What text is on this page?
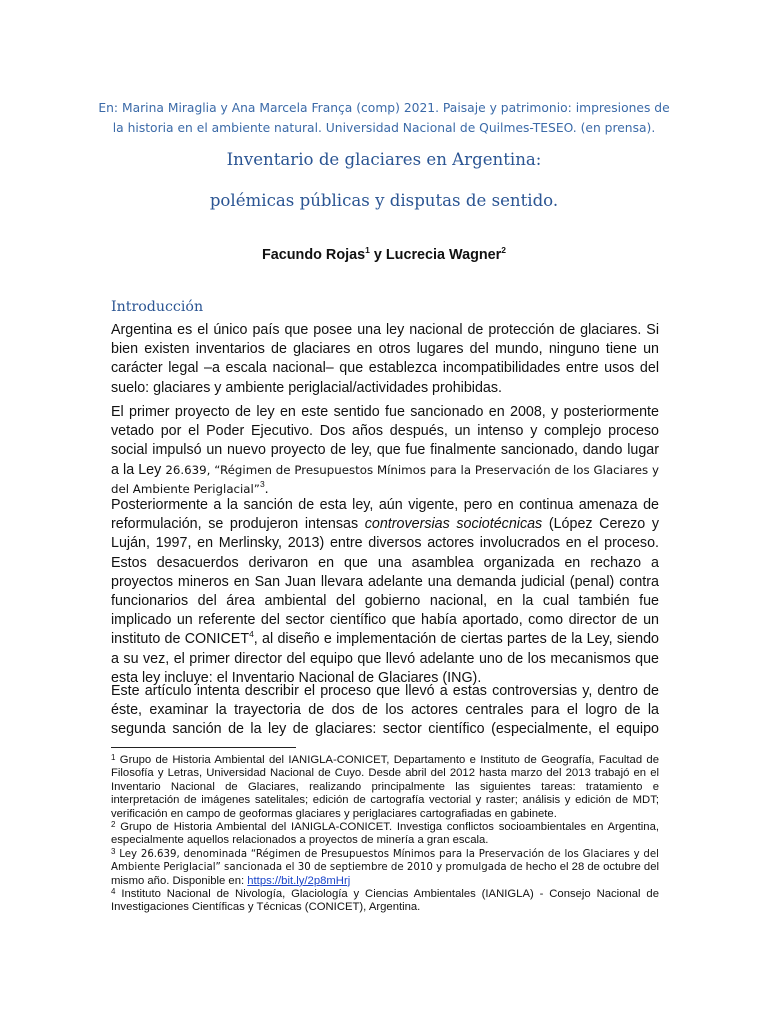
En: Marina Miraglia y Ana Marcela França (comp) 2021. Paisaje y patrimonio: impresiones de la historia en el ambiente natural. Universidad Nacional de Quilmes-TESEO. (en prensa).
Inventario de glaciares en Argentina:
polémicas públicas y disputas de sentido.
Facundo Rojas$^1$ y Lucrecia Wagner$^2$
Introducción

Argentina es el único país que posee una ley nacional de protección de glaciares. Si bien existen inventarios de glaciares en otros lugares del mundo, ninguno tiene un carácter legal –a escala nacional– que establezca incompatibilidades entre usos del suelo: glaciares y ambiente periglacial/actividades prohibidas.

El primer proyecto de ley en este sentido fue sancionado en 2008, y posteriormente vetado por el Poder Ejecutivo. Dos años después, un intenso y complejo proceso social impulsó un nuevo proyecto de ley, que fue finalmente sancionado, dando lugar a la Ley 26.639, “Régimen de Presupuestos Mínimos para la Preservación de los Glaciares y del Ambiente Periglacial”$^3$.

Posteriormente a la sanción de esta ley, aún vigente, pero en continua amenaza de reformulación, se produjeron intensas controversias sociotécnicas (López Cerezo y Luján, 1997, en Merlinsky, 2013) entre diversos actores involucrados en el proceso. Estos desacuerdos derivaron en que una asamblea organizada en rechazo a proyectos mineros en San Juan llevara adelante una demanda judicial (penal) contra funcionarios del área ambiental del gobierno nacional, en la cual también fue implicado un referente del sector científico que había aportado, como director de un instituto de CONICET$^4$, al diseño e implementación de ciertas partes de la Ley, siendo a su vez, el primer director del equipo que llevó adelante uno de los mecanismos que esta ley incluye: el Inventario Nacional de Glaciares (ING).

Este artículo intenta describir el proceso que llevó a estas controversias y, dentro de éste, examinar la trayectoria de dos de los actores centrales para el logro de la segunda sanción de la ley de glaciares: sector científico (especialmente, el equipo

$^1$ Grupo de Historia Ambiental del IANIGLA-CONICET, Departamento e Instituto de Geografía, Facultad de Filosofía y Letras, Universidad Nacional de Cuyo. Desde abril del 2012 hasta marzo del 2013 trabajó en el Inventario Nacional de Glaciares, realizando principalmente las siguientes tareas: tratamiento e interpretación de imágenes satelitales; edición de cartografía vectorial y raster; análisis y edición de MDT; verificación en campo de geoformas glaciares y periglaciares cartografiadas en gabinete.

$^2$ Grupo de Historia Ambiental del IANIGLA-CONICET. Investiga conflictos socioambientales en Argentina, especialmente aquellos relacionados a proyectos de minería a gran escala.

$^3$ Ley 26.639, denominada “Régimen de Presupuestos Mínimos para la Preservación de los Glaciares y del Ambiente Periglacial” sancionada el 30 de septiembre de 2010 y promulgada de hecho el 28 de octubre del mismo año. Disponible en: https://bit.ly/2p8mHrj

$^4$ Instituto Nacional de Nivología, Glaciología y Ciencias Ambientales (IANIGLA) - Consejo Nacional de Investigaciones Científicas y Técnicas (CONICET), Argentina.
